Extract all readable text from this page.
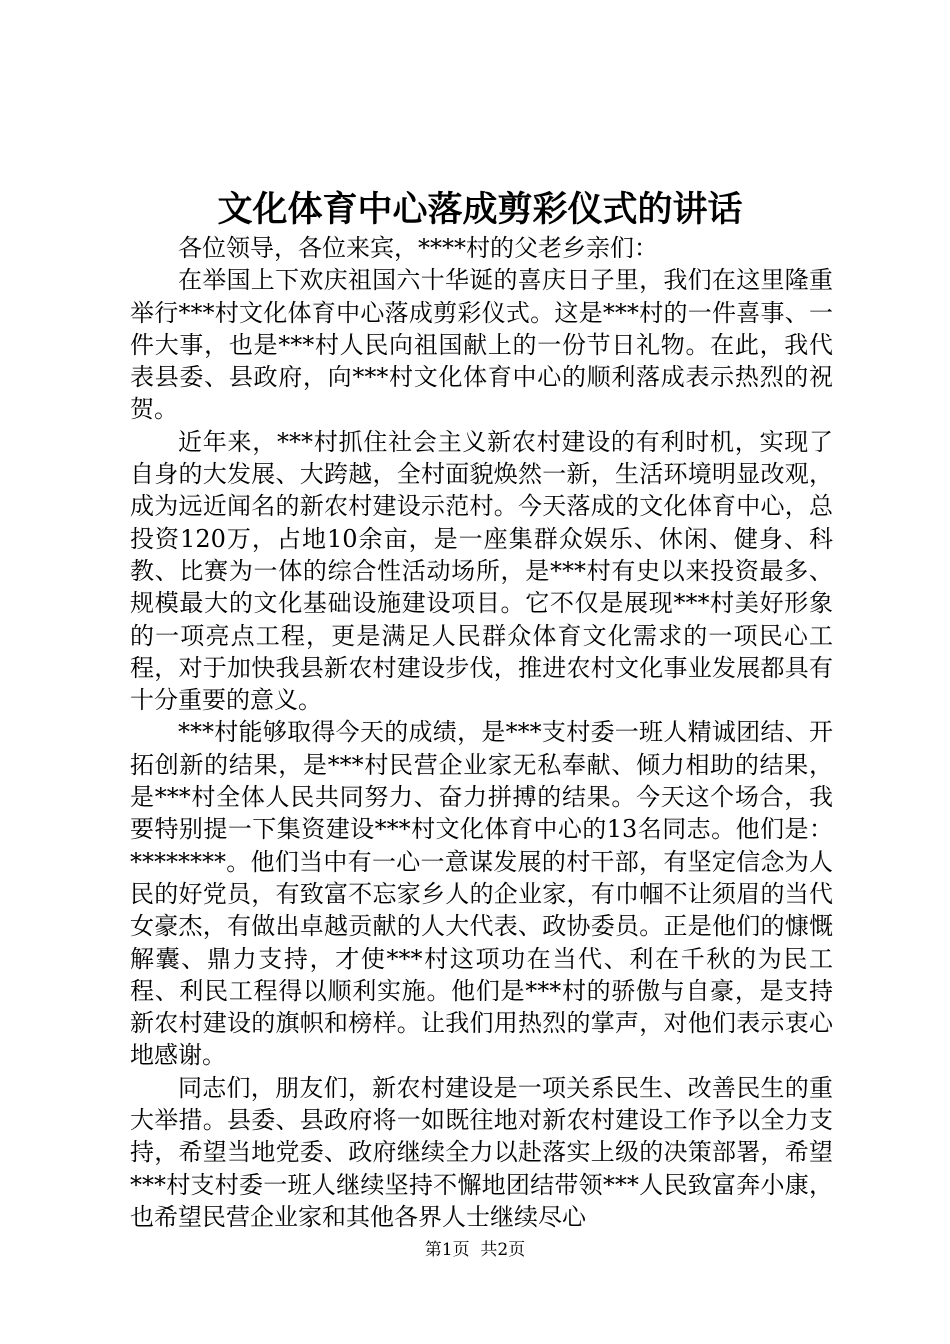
文化体育中心落成剪彩仪式的讲话

各位领导，各位来宾，****村的父老乡亲们：

在举国上下欢庆祖国六十华诞的喜庆日子里，我们在这里隆重举行***村文化体育中心落成剪彩仪式。这是***村的一件喜事、一件大事，也是***村人民向祖国献上的一份节日礼物。在此，我代表县委、县政府，向***村文化体育中心的顺利落成表示热烈的祝贺。

近年来，***村抓住社会主义新农村建设的有利时机，实现了自身的大发展、大跨越，全村面貌焕然一新，生活环境明显改观，成为远近闻名的新农村建设示范村。今天落成的文化体育中心，总投资120万，占地10余亩，是一座集群众娱乐、休闲、健身、科教、比赛为一体的综合性活动场所，是***村有史以来投资最多、规模最大的文化基础设施建设项目。它不仅是展现***村美好形象的一项亮点工程，更是满足人民群众体育文化需求的一项民心工程，对于加快我县新农村建设步伐，推进农村文化事业发展都具有十分重要的意义。

***村能够取得今天的成绩，是***支村委一班人精诚团结、开拓创新的结果，是***村民营企业家无私奉献、倾力相助的结果，是***村全体人民共同努力、奋力拼搏的结果。今天这个场合，我要特别提一下集资建设***村文化体育中心的13名同志。他们是：********。他们当中有一心一意谋发展的村干部，有坚定信念为人民的好党员，有致富不忘家乡人的企业家，有巾帼不让须眉的当代女豪杰，有做出卓越贡献的人大代表、政协委员。正是他们的慷慨解囊、鼎力支持，才使***村这项功在当代、利在千秋的为民工程、利民工程得以顺利实施。他们是***村的骄傲与自豪，是支持新农村建设的旗帜和榜样。让我们用热烈的掌声，对他们表示衷心地感谢。

同志们，朋友们，新农村建设是一项关系民生、改善民生的重大举措。县委、县政府将一如既往地对新农村建设工作予以全力支持，希望当地党委、政府继续全力以赴落实上级的决策部署，希望***村支村委一班人继续坚持不懈地团结带领***人民致富奔小康，也希望民营企业家和其他各界人士继续尽心

第1页  共2页
